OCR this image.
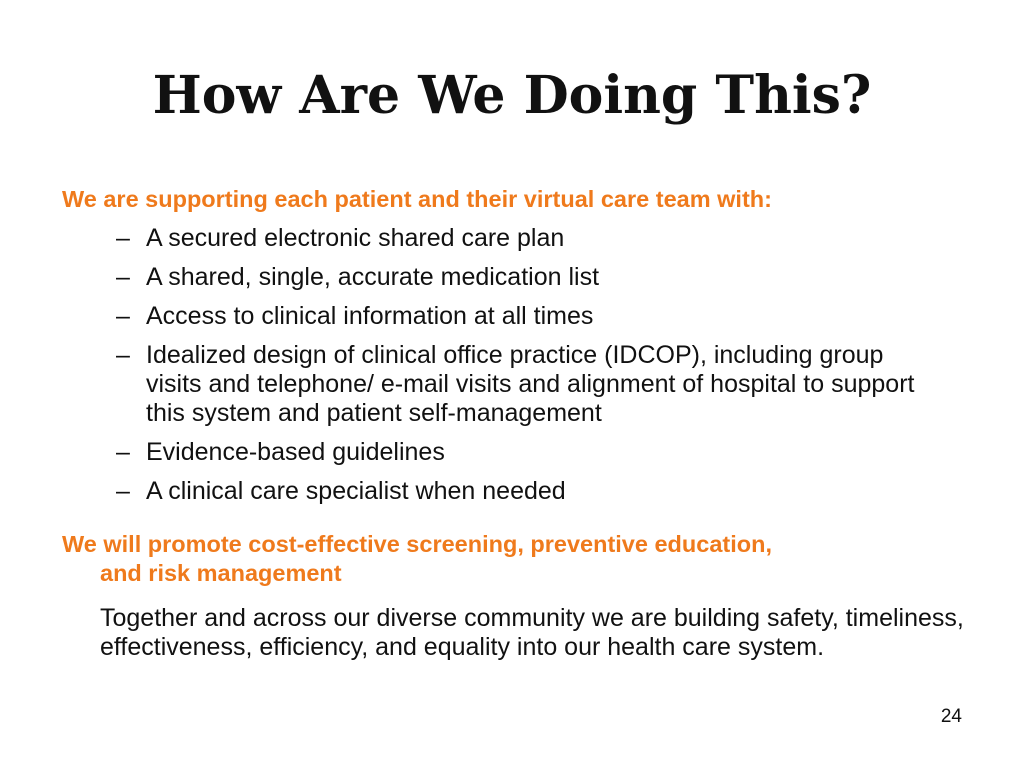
How Are We Doing This?
We are supporting each patient and their virtual care team with:
– A secured electronic shared care plan
– A shared, single, accurate medication list
– Access to clinical information at all times
– Idealized design of clinical office practice (IDCOP), including group visits and telephone/ e-mail visits and alignment of hospital to support this system and patient self-management
– Evidence-based guidelines
– A clinical care specialist when needed
We will promote cost-effective screening, preventive education,
and risk management
Together and across our diverse community we are building safety, timeliness, effectiveness, efficiency, and equality into our health care system.
24
